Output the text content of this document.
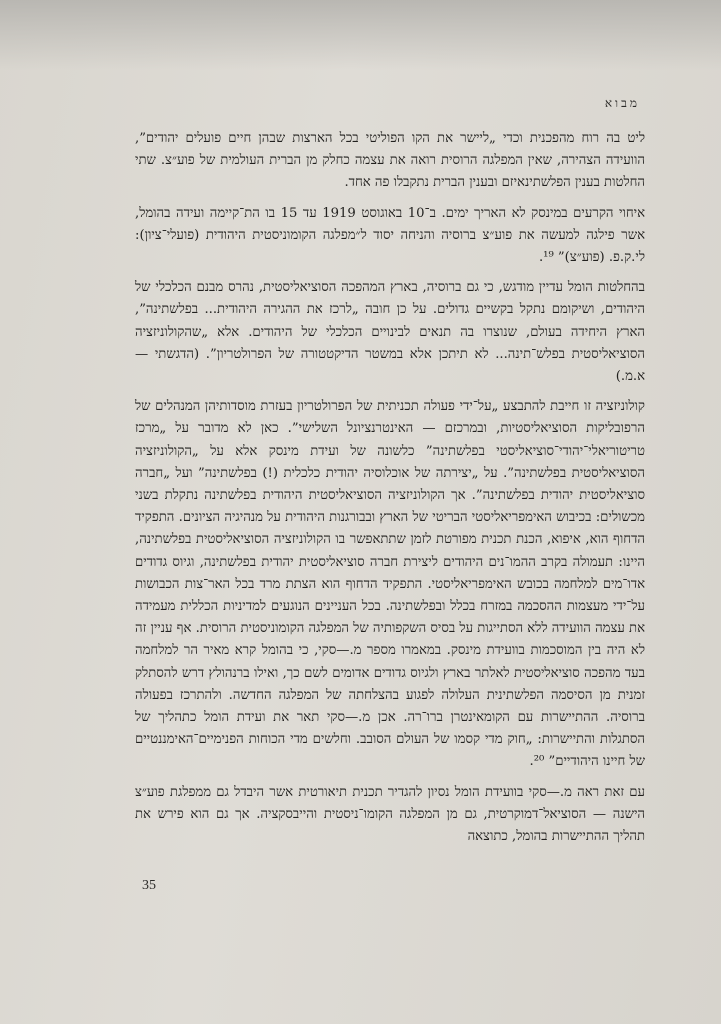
מבוא

ליט בה רוח מהפכנית וכדי „ליישר את הקו הפוליטי בכל הארצות שבהן חיים פועלים יהודים”, הוועידה הצהירה, שאין המפלגה הרוסית רואה את עצמה כחלק מן הברית העולמית של פוע״צ. שתי החלטות בענין הפלשתינאיזם ובענין הברית נתקבלו פה אחד.

איחוי הקרעים במינסק לא האריך ימים. ב־10 באוגוסט 1919 עד 15 בו הת־קיימה ועידה בהומל, אשר פילגה למעשה את פוע״צ ברוסיה והניחה יסוד ל״מפלגה הקומוניסטית היהודית (פועלי־ציון): לי.ק.פ. (פוע״צ)” ¹⁹.

בהחלטות הומל עדיין מודגש, כי גם ברוסיה, בארץ המהפכה הסוציאליסטית, נהרס מבנם הכלכלי של היהודים, ושיקומם נתקל בקשיים גדולים. על כן חובה „לרכז את ההגירה היהודית... בפלשתינה”, הארץ היחידה בעולם, שנוצרו בה תנאים לבינויים הכלכלי של היהודים. אלא „שהקולוניזציה הסוציאליסטית בפלש־תינה... לא תיתכן אלא במשטר הדיקטטורה של הפרולטריון”. (הדגשתי — א.מ.)

קולוניזציה זו חייבת להתבצע „על־ידי פעולה תכניתית של הפרולטריון בעזרת מוסדותיהן המנהלים של הרפובליקות הסוציאליסטיות, ובמרכזם — האינטרנציונל השלישי”. כאן לא מדובר על „מרכז טריטוריאלי־יהודי־סוציאליסטי בפלשתינה” כלשונה של ועידת מינסק אלא על „הקולוניזציה הסוציאליסטית בפלשתינה”. על „יצירתה של אוכלוסיה יהודית כלכלית (!) בפלשתינה” ועל „חברה סוציאליסטית יהודית בפלשתינה”. אך הקולוניזציה הסוציאליסטית היהודית בפלשתינה נתקלת בשני מכשולים: בכיבוש האימפריאליסטי הבריטי של הארץ ובבורגנות היהודית על מנהיגיה הציונים. התפקיד הדחוף הוא, איפוא, הכנת תכנית מפורטת לזמן שתתאפשר בו הקולוניזציה הסוציאליסטית בפלשתינה, היינו: תעמולה בקרב ההמו־נים היהודים ליצירת חברה סוציאליסטית יהודית בפלשתינה, וגיוס גדודים אדו־מים למלחמה בכובש האימפריאליסטי. התפקיד הדחוף הוא הצתת מרד בכל האר־צות הכבושות על־ידי מעצמות ההסכמה במזרח בכלל ובפלשתינה. בכל העניינים הנוגעים למדיניות הכללית מעמידה את עצמה הוועידה ללא הסתייגות על בסיס השקפותיה של המפלגה הקומוניסטית הרוסית. אף עניין זה לא היה בין המוסכמות בוועידת מינסק. במאמרו מספר מ.—סקי, כי בהומל קרא מאיר הר למלחמה בעד מהפכה סוציאליסטית לאלתר בארץ ולגיוס גדודים אדומים לשם כך, ואילו ברנהולץ דרש להסתלק זמנית מן הסיסמה הפלשתינית העלולה לפגוע בהצלחתה של המפלגה החדשה. ולהתרכז בפעולה ברוסיה. ההתיישרות עם הקומאינטרן ברו־רה. אכן מ.—סקי תאר את ועידת הומל כתהליך של הסתגלות והתיישרות: „חוק מדי קסמו של העולם הסובב. וחלשים מדי הכוחות הפנימיים־האימננטיים של חיינו היהודיים” ²⁰.

עם זאת ראה מ.—סקי בוועידת הומל נסיון להגדיר תכנית תיאורטית אשר היבדל גם ממפלגת פוע״צ הישנה — הסוציאל־דמוקרטית, גם מן המפלגה הקומו־ניסטית והייבסקציה. אך גם הוא פירש את תהליך ההתיישרות בהומל, כתוצאה

35
